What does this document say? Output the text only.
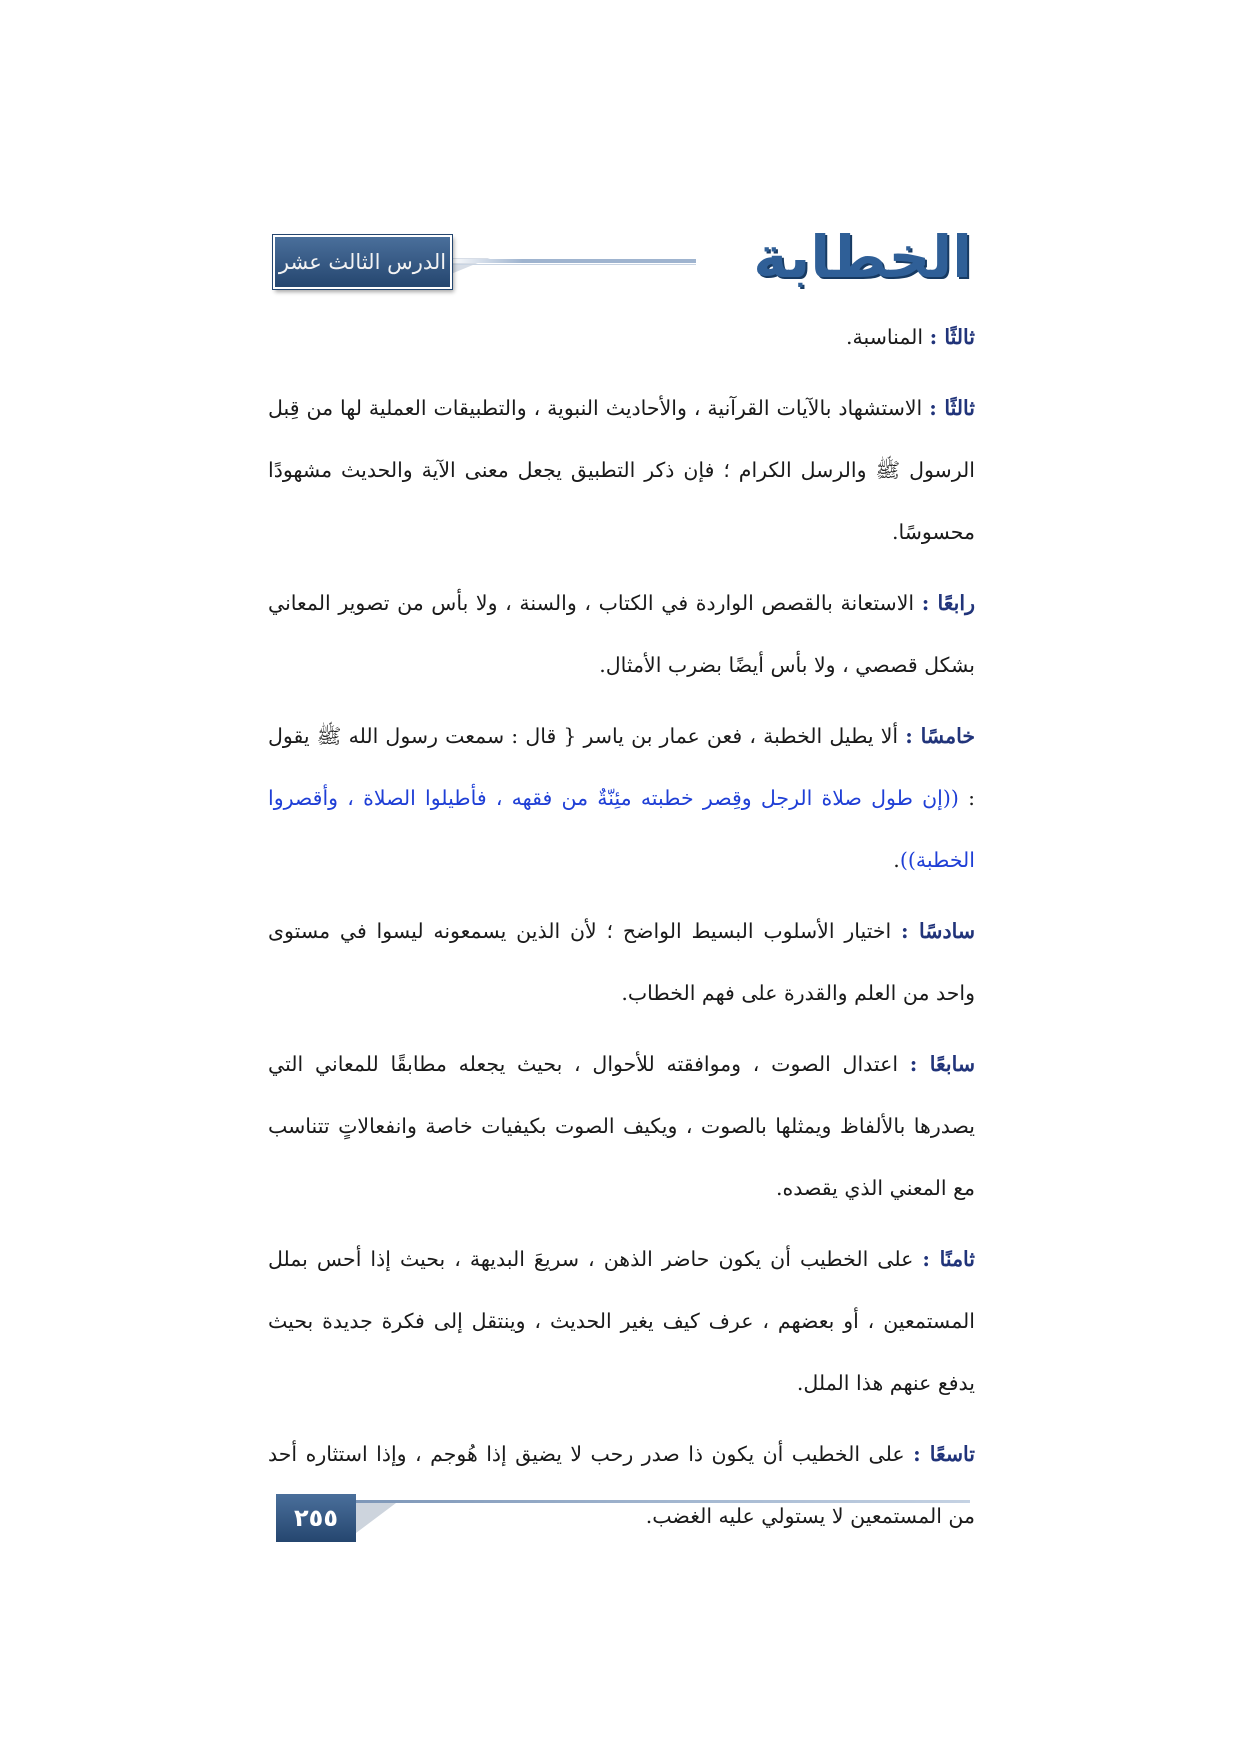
الخطابة
الدرس الثالث عشر

ثالثًا : المناسبة.

ثالثًا : الاستشهاد بالآيات القرآنية ، والأحاديث النبوية ، والتطبيقات العملية لها من قِبل الرسول ﷺ والرسل الكرام ؛ فإن ذكر التطبيق يجعل معنى الآية والحديث مشهودًا محسوسًا.

رابعًا : الاستعانة بالقصص الواردة في الكتاب ، والسنة ، ولا بأس من تصوير المعاني بشكل قصصي ، ولا بأس أيضًا بضرب الأمثال.

خامسًا : ألا يطيل الخطبة ، فعن عمار بن ياسر { قال : سمعت رسول الله ﷺ يقول : ((إن طول صلاة الرجل وقِصر خطبته مئِنّةٌ من فقهه ، فأطيلوا الصلاة ، وأقصروا الخطبة)).

سادسًا : اختيار الأسلوب البسيط الواضح ؛ لأن الذين يسمعونه ليسوا في مستوى واحد من العلم والقدرة على فهم الخطاب.

سابعًا : اعتدال الصوت ، وموافقته للأحوال ، بحيث يجعله مطابقًا للمعاني التي يصدرها بالألفاظ ويمثلها بالصوت ، ويكيف الصوت بكيفيات خاصة وانفعالاتٍ تتناسب مع المعني الذي يقصده.

ثامنًا : على الخطيب أن يكون حاضر الذهن ، سريعَ البديهة ، بحيث إذا أحس بملل المستمعين ، أو بعضهم ، عرف كيف يغير الحديث ، وينتقل إلى فكرة جديدة بحيث يدفع عنهم هذا الملل.

تاسعًا : على الخطيب أن يكون ذا صدر رحب لا يضيق إذا هُوجم ، وإذا استثاره أحد من المستمعين لا يستولي عليه الغضب.

٢٥٥
